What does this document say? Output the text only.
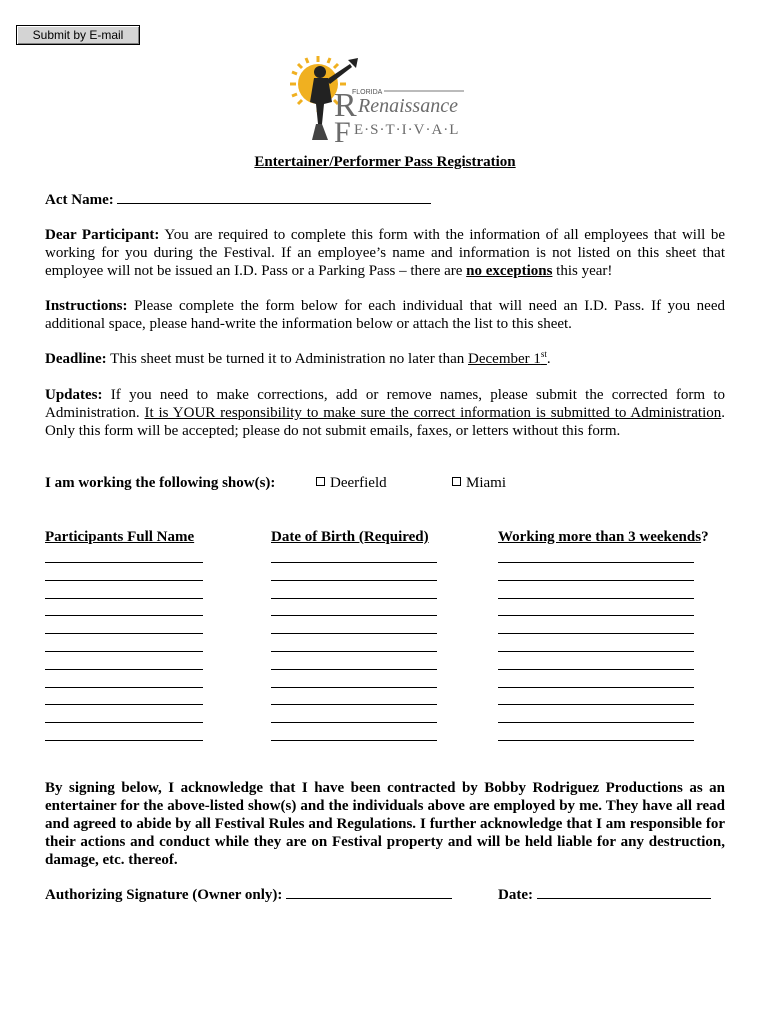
Submit by E-mail
FLORIDA
R Renaissance
F E·S·T·I·V·A·L
Entertainer/Performer Pass Registration
Act Name:
Dear Participant: You are required to complete this form with the information of all employees that will be working for you during the Festival. If an employee’s name and information is not listed on this sheet that employee will not be issued an I.D. Pass or a Parking Pass – there are no exceptions this year!
Instructions: Please complete the form below for each individual that will need an I.D. Pass. If you need additional space, please hand-write the information below or attach the list to this sheet.
Deadline: This sheet must be turned it to Administration no later than December 1st.
Updates: If you need to make corrections, add or remove names, please submit the corrected form to Administration. It is YOUR responsibility to make sure the correct information is submitted to Administration. Only this form will be accepted; please do not submit emails, faxes, or letters without this form.
I am working the following show(s):	Deerfield	Miami
Participants Full Name	Date of Birth (Required)	Working more than 3 weekends?
By signing below, I acknowledge that I have been contracted by Bobby Rodriguez Productions as an entertainer for the above-listed show(s) and the individuals above are employed by me. They have all read and agreed to abide by all Festival Rules and Regulations. I further acknowledge that I am responsible for their actions and conduct while they are on Festival property and will be held liable for any destruction, damage, etc. thereof.
Authorizing Signature (Owner only):	Date:
